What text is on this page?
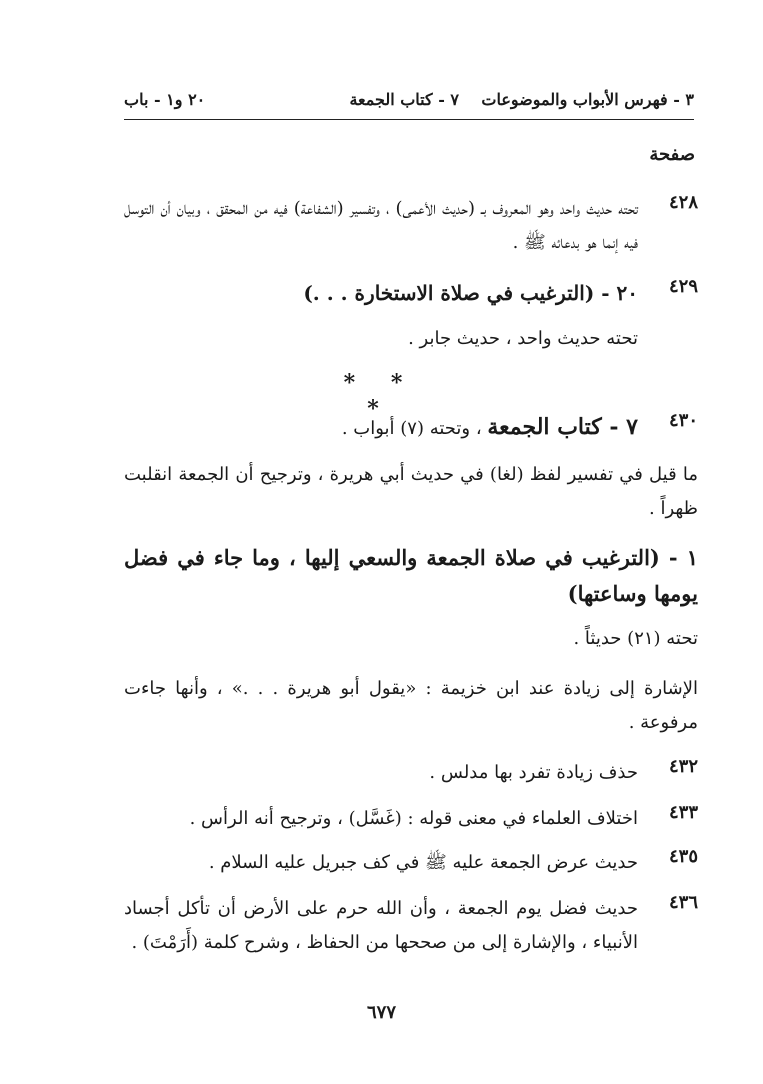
٣ - فهرس الأبواب والموضوعات
٧ - كتاب الجمعة
٢٠ و١ - باب
صفحة
٤٢٨
تحته حديث واحد وهو المعروف بـ (حديث الأعمى) ، وتفسير (الشفاعة) فيه من المحقق ، وبيان أن التوسل فيه إنما هو بدعائه ﷺ .
٤٢٩
٢٠ - (الترغيب في صلاة الاستخارة . . .)
تحته حديث واحد ، حديث جابر .
* * *	٤٣٠
٧ - كتاب الجمعة ، وتحته (٧) أبواب .
ما قيل في تفسير لفظ (لغا) في حديث أبي هريرة ، وترجيح أن الجمعة انقلبت ظهراً .
١ - (الترغيب في صلاة الجمعة والسعي إليها ، وما جاء في فضل يومها وساعتها)
تحته (٢١) حديثاً .
الإشارة إلى زيادة عند ابن خزيمة : «يقول أبو هريرة . . .» ، وأنها جاءت مرفوعة .
٤٣٢
حذف زيادة تفرد بها مدلس .
٤٣٣
اختلاف العلماء في معنى قوله : (غَسَّل) ، وترجيح أنه الرأس .
٤٣٥
حديث عرض الجمعة عليه ﷺ في كف جبريل عليه السلام .
٤٣٦
حديث فضل يوم الجمعة ، وأن الله حرم على الأرض أن تأكل أجساد الأنبياء ، والإشارة إلى من صححها من الحفاظ ، وشرح كلمة (أَرَمْتَ) .
٦٧٧
